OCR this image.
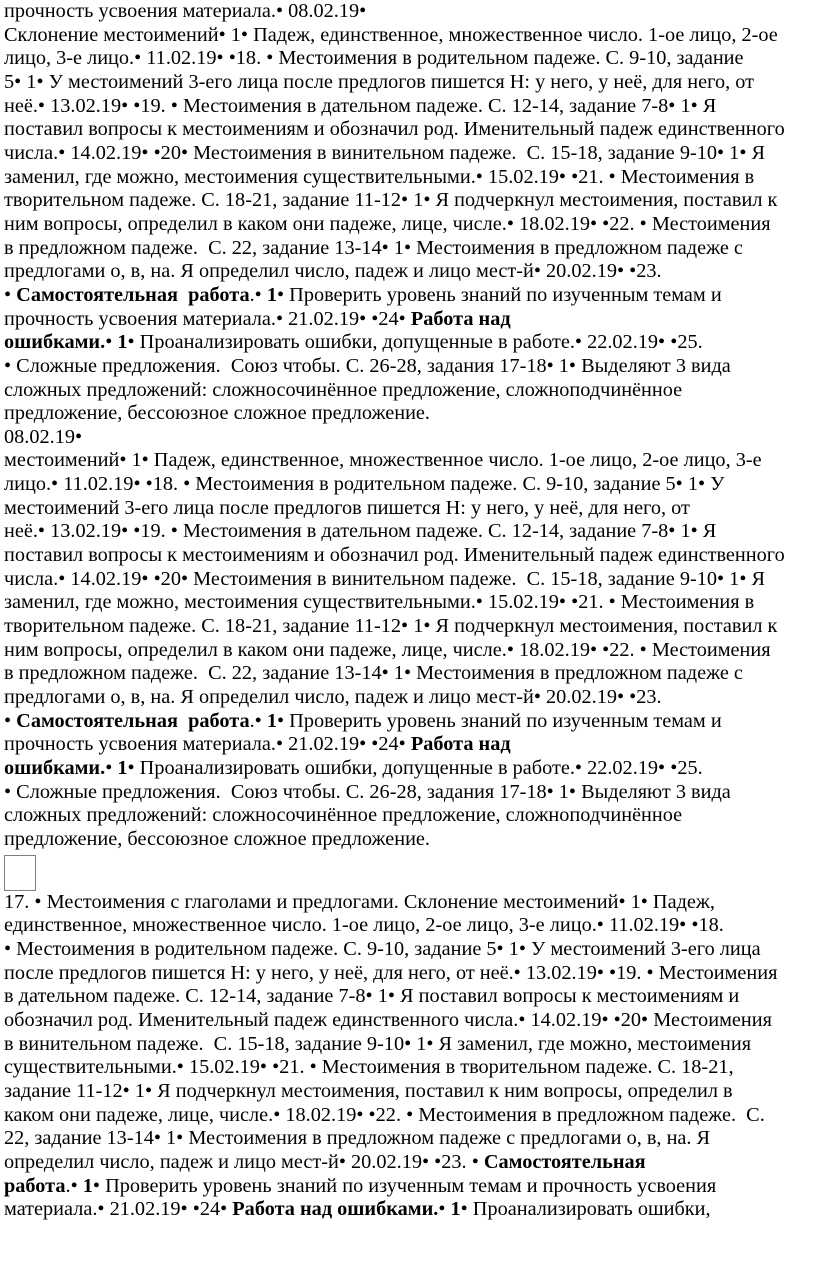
прочность усвоения материала.• 08.02.19•

Склонение местоимений• 1• Падеж, единственное, множественное число. 1-ое лицо, 2-ое

лицо, 3-е лицо.• 11.02.19• •18. • Местоимения в родительном падеже. С. 9-10, задание

5• 1• У местоимений 3-его лица после предлогов пишется Н: у него, у неё, для него, от

неё.• 13.02.19• •19. • Местоимения в дательном падеже. С. 12-14, задание 7-8• 1• Я

поставил вопросы к местоимениям и обозначил род. Именительный падеж единственного

числа.• 14.02.19• •20• Местоимения в винительном падеже.  С. 15-18, задание 9-10• 1• Я

заменил, где можно, местоимения существительными.• 15.02.19• •21. • Местоимения в

творительном падеже. С. 18-21, задание 11-12• 1• Я подчеркнул местоимения, поставил к

ним вопросы, определил в каком они падеже, лице, числе.• 18.02.19• •22. • Местоимения

в предложном падеже.  С. 22, задание 13-14• 1• Местоимения в предложном падеже с

предлогами о, в, на. Я определил число, падеж и лицо мест-й• 20.02.19• •23.

• Самостоятельная  работа.• 1• Проверить уровень знаний по изученным темам и

прочность усвоения материала.• 21.02.19• •24• Работа над

ошибками.• 1• Проанализировать ошибки, допущенные в работе.• 22.02.19• •25.

• Сложные предложения.  Союз чтобы. С. 26-28, задания 17-18• 1• Выделяют 3 вида

сложных предложений: сложносочинённое предложение, сложноподчинённое

предложение, бессоюзное сложное предложение.

08.02.19•

местоимений• 1• Падеж, единственное, множественное число. 1-ое лицо, 2-ое лицо, 3-е

лицо.• 11.02.19• •18. • Местоимения в родительном падеже. С. 9-10, задание 5• 1• У

местоимений 3-его лица после предлогов пишется Н: у него, у неё, для него, от

неё.• 13.02.19• •19. • Местоимения в дательном падеже. С. 12-14, задание 7-8• 1• Я

поставил вопросы к местоимениям и обозначил род. Именительный падеж единственного

числа.• 14.02.19• •20• Местоимения в винительном падеже.  С. 15-18, задание 9-10• 1• Я

заменил, где можно, местоимения существительными.• 15.02.19• •21. • Местоимения в

творительном падеже. С. 18-21, задание 11-12• 1• Я подчеркнул местоимения, поставил к

ним вопросы, определил в каком они падеже, лице, числе.• 18.02.19• •22. • Местоимения

в предложном падеже.  С. 22, задание 13-14• 1• Местоимения в предложном падеже с

предлогами о, в, на. Я определил число, падеж и лицо мест-й• 20.02.19• •23.

• Самостоятельная  работа.• 1• Проверить уровень знаний по изученным темам и

прочность усвоения материала.• 21.02.19• •24• Работа над

ошибками.• 1• Проанализировать ошибки, допущенные в работе.• 22.02.19• •25.

• Сложные предложения.  Союз чтобы. С. 26-28, задания 17-18• 1• Выделяют 3 вида

сложных предложений: сложносочинённое предложение, сложноподчинённое

предложение, бессоюзное сложное предложение.

17. • Местоимения с глаголами и предлогами. Склонение местоимений• 1• Падеж,

единственное, множественное число. 1-ое лицо, 2-ое лицо, 3-е лицо.• 11.02.19• •18.

• Местоимения в родительном падеже. С. 9-10, задание 5• 1• У местоимений 3-его лица

после предлогов пишется Н: у него, у неё, для него, от неё.• 13.02.19• •19. • Местоимения

в дательном падеже. С. 12-14, задание 7-8• 1• Я поставил вопросы к местоимениям и

обозначил род. Именительный падеж единственного числа.• 14.02.19• •20• Местоимения

в винительном падеже.  С. 15-18, задание 9-10• 1• Я заменил, где можно, местоимения

существительными.• 15.02.19• •21. • Местоимения в творительном падеже. С. 18-21,

задание 11-12• 1• Я подчеркнул местоимения, поставил к ним вопросы, определил в

каком они падеже, лице, числе.• 18.02.19• •22. • Местоимения в предложном падеже.  С.

22, задание 13-14• 1• Местоимения в предложном падеже с предлогами о, в, на. Я

определил число, падеж и лицо мест-й• 20.02.19• •23. • Самостоятельная

работа.• 1• Проверить уровень знаний по изученным темам и прочность усвоения

материала.• 21.02.19• •24• Работа над ошибками.• 1• Проанализировать ошибки,
